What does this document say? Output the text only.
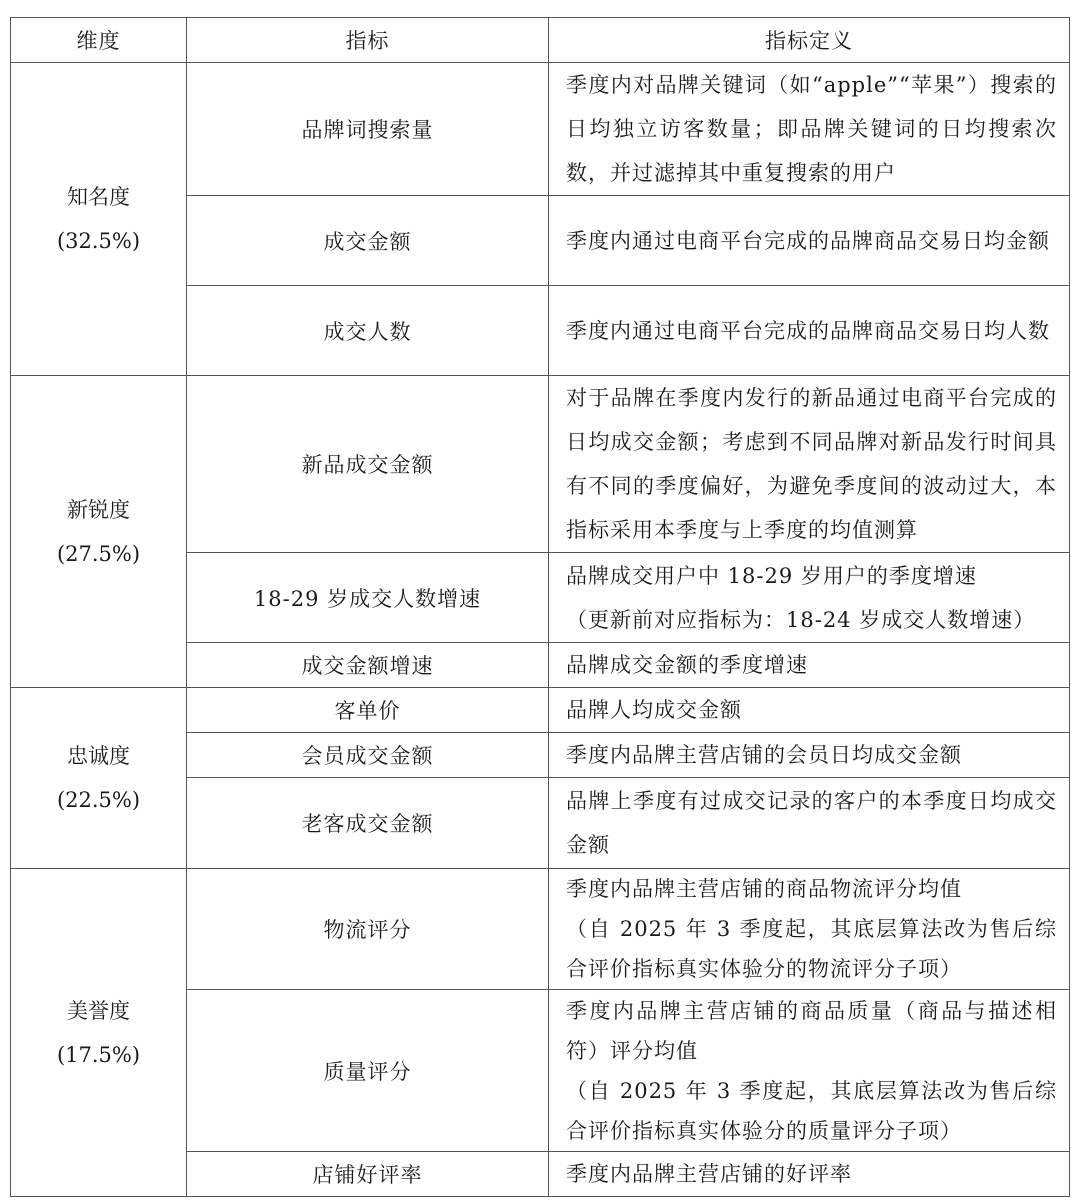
维度	指标	指标定义

知名度
(32.5%)	品牌词搜索量	季度内对品牌关键词（如“apple”“苹果”）搜索的日均独立访客数量；即品牌关键词的日均搜索次数，并过滤掉其中重复搜索的用户
	成交金额	季度内通过电商平台完成的品牌商品交易日均金额
	成交人数	季度内通过电商平台完成的品牌商品交易日均人数

新锐度
(27.5%)	新品成交金额	对于品牌在季度内发行的新品通过电商平台完成的日均成交金额；考虑到不同品牌对新品发行时间具有不同的季度偏好，为避免季度间的波动过大，本指标采用本季度与上季度的均值测算
	18-29 岁成交人数增速	品牌成交用户中 18-29 岁用户的季度增速
（更新前对应指标为：18-24 岁成交人数增速）

	成交金额增速	品牌成交金额的季度增速

忠诚度
(22.5%)	客单价	品牌人均成交金额
	会员成交金额	季度内品牌主营店铺的会员日均成交金额
	老客成交金额	品牌上季度有过成交记录的客户的本季度日均成交金额

美誉度
(17.5%)	物流评分	季度内品牌主营店铺的商品物流评分均值
（自 2025 年 3 季度起，其底层算法改为售后综合评价指标真实体验分的物流评分子项）

	质量评分	季度内品牌主营店铺的商品质量（商品与描述相符）评分均值
（自 2025 年 3 季度起，其底层算法改为售后综合评价指标真实体验分的质量评分子项）

	店铺好评率	季度内品牌主营店铺的好评率
